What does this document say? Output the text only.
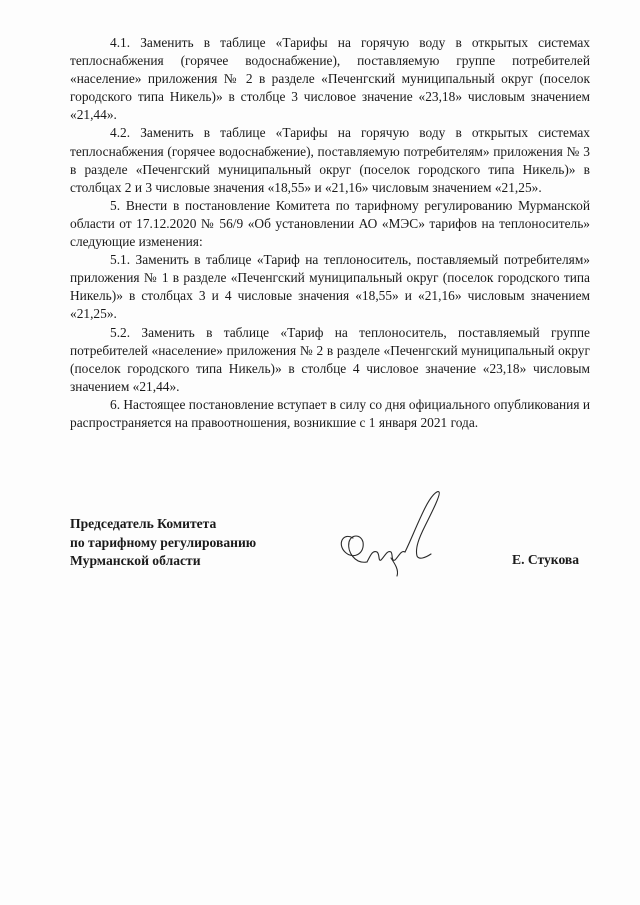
4.1. Заменить в таблице «Тарифы на горячую воду в открытых системах теплоснабжения (горячее водоснабжение), поставляемую группе потребителей «население» приложения № 2 в разделе «Печенгский муниципальный округ (поселок городского типа Никель)» в столбце 3 числовое значение «23,18» числовым значением «21,44».

4.2. Заменить в таблице «Тарифы на горячую воду в открытых системах теплоснабжения (горячее водоснабжение), поставляемую потребителям» приложения № 3 в разделе «Печенгский муниципальный округ (поселок городского типа Никель)» в столбцах 2 и 3 числовые значения «18,55» и «21,16» числовым значением «21,25».

5. Внести в постановление Комитета по тарифному регулированию Мурманской области от 17.12.2020 № 56/9 «Об установлении АО «МЭС» тарифов на теплоноситель» следующие изменения:

5.1. Заменить в таблице «Тариф на теплоноситель, поставляемый потребителям» приложения № 1 в разделе «Печенгский муниципальный округ (поселок городского типа Никель)» в столбцах 3 и 4 числовые значения «18,55» и «21,16» числовым значением «21,25».

5.2. Заменить в таблице «Тариф на теплоноситель, поставляемый группе потребителей «население» приложения № 2 в разделе «Печенгский муниципальный округ (поселок городского типа Никель)» в столбце 4 числовое значение «23,18» числовым значением «21,44».

6. Настоящее постановление вступает в силу со дня официального опубликования и распространяется на правоотношения, возникшие с 1 января 2021 года.

Председатель Комитета
по тарифному регулированию
Мурманской области	Е. Стукова
